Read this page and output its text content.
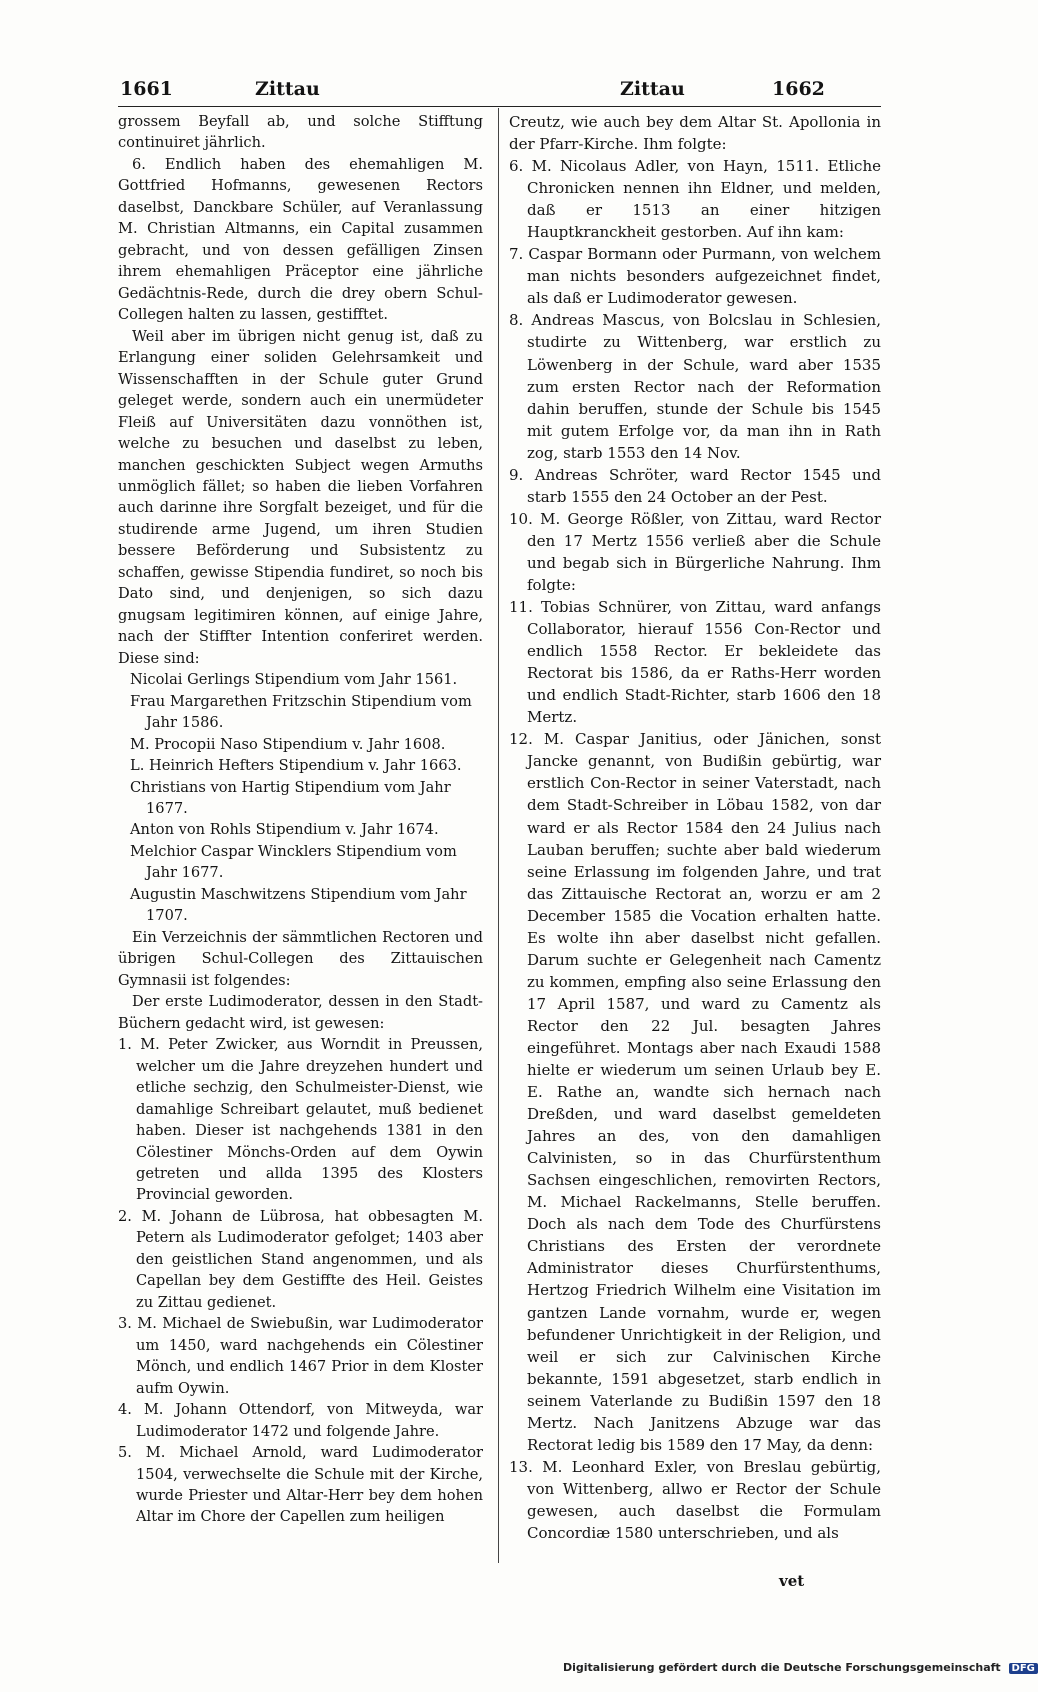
1661	Zittau	Zittau	1662

grossem Beyfall ab, und solche Stifftung continuiret jährlich.

6. Endlich haben des ehemahligen M. Gottfried Hofmanns, gewesenen Rectors daselbst, Danckbare Schüler, auf Veranlassung M. Christian Altmanns, ein Capital zusammen gebracht, und von dessen gefälligen Zinsen ihrem ehemahligen Präceptor eine jährliche Gedächtnis-Rede, durch die drey obern Schul-Collegen halten zu lassen, gestifftet.

Weil aber im übrigen nicht genug ist, daß zu Erlangung einer soliden Gelehrsamkeit und Wissenschafften in der Schule guter Grund geleget werde, sondern auch ein unermüdeter Fleiß auf Universitäten dazu vonnöthen ist, welche zu besuchen und daselbst zu leben, manchen geschickten Subject wegen Armuths unmöglich fället; so haben die lieben Vorfahren auch darinne ihre Sorgfalt bezeiget, und für die studirende arme Jugend, um ihren Studien bessere Beförderung und Subsistentz zu schaffen, gewisse Stipendia fundiret, so noch bis Dato sind, und denjenigen, so sich dazu gnugsam legitimiren können, auf einige Jahre, nach der Stiffter Intention conferiret werden. Diese sind:

Nicolai Gerlings Stipendium vom Jahr 1561.

Frau Margarethen Fritzschin Stipendium vom Jahr 1586.

M. Procopii Naso Stipendium v. Jahr 1608.

L. Heinrich Hefters Stipendium v. Jahr 1663.

Christians von Hartig Stipendium vom Jahr 1677.

Anton von Rohls Stipendium v. Jahr 1674.

Melchior Caspar Wincklers Stipendium vom Jahr 1677.

Augustin Maschwitzens Stipendium vom Jahr 1707.

Ein Verzeichnis der sämmtlichen Rectoren und übrigen Schul-Collegen des Zittauischen Gymnasii ist folgendes:

Der erste Ludimoderator, dessen in den Stadt-Büchern gedacht wird, ist gewesen:

1. M. Peter Zwicker, aus Worndit in Preussen, welcher um die Jahre dreyzehen hundert und etliche sechzig, den Schulmeister-Dienst, wie damahlige Schreibart gelautet, muß bedienet haben. Dieser ist nachgehends 1381 in den Cölestiner Mönchs-Orden auf dem Oywin getreten und allda 1395 des Klosters Provincial geworden.

2. M. Johann de Lübrosa, hat obbesagten M. Petern als Ludimoderator gefolget; 1403 aber den geistlichen Stand angenommen, und als Capellan bey dem Gestiffte des Heil. Geistes zu Zittau gedienet.

3. M. Michael de Swiebußin, war Ludimoderator um 1450, ward nachgehends ein Cölestiner Mönch, und endlich 1467 Prior in dem Kloster aufm Oywin.

4. M. Johann Ottendorf, von Mitweyda, war Ludimoderator 1472 und folgende Jahre.

5. M. Michael Arnold, ward Ludimoderator 1504, verwechselte die Schule mit der Kirche, wurde Priester und Altar-Herr bey dem hohen Altar im Chore der Capellen zum heiligen

Creutz, wie auch bey dem Altar St. Apollonia in der Pfarr-Kirche. Ihm folgte:

6. M. Nicolaus Adler, von Hayn, 1511. Etliche Chronicken nennen ihn Eldner, und melden, daß er 1513 an einer hitzigen Hauptkranckheit gestorben. Auf ihn kam:

7. Caspar Bormann oder Purmann, von welchem man nichts besonders aufgezeichnet findet, als daß er Ludimoderator gewesen.

8. Andreas Mascus, von Bolcslau in Schlesien, studirte zu Wittenberg, war erstlich zu Löwenberg in der Schule, ward aber 1535 zum ersten Rector nach der Reformation dahin beruffen, stunde der Schule bis 1545 mit gutem Erfolge vor, da man ihn in Rath zog, starb 1553 den 14 Nov.

9. Andreas Schröter, ward Rector 1545 und starb 1555 den 24 October an der Pest.

10. M. George Rößler, von Zittau, ward Rector den 17 Mertz 1556 verließ aber die Schule und begab sich in Bürgerliche Nahrung. Ihm folgte:

11. Tobias Schnürer, von Zittau, ward anfangs Collaborator, hierauf 1556 Con-Rector und endlich 1558 Rector. Er bekleidete das Rectorat bis 1586, da er Raths-Herr worden und endlich Stadt-Richter, starb 1606 den 18 Mertz.

12. M. Caspar Janitius, oder Jänichen, sonst Jancke genannt, von Budißin gebürtig, war erstlich Con-Rector in seiner Vaterstadt, nach dem Stadt-Schreiber in Löbau 1582, von dar ward er als Rector 1584 den 24 Julius nach Lauban beruffen; suchte aber bald wiederum seine Erlassung im folgenden Jahre, und trat das Zittauische Rectorat an, worzu er am 2 December 1585 die Vocation erhalten hatte. Es wolte ihn aber daselbst nicht gefallen. Darum suchte er Gelegenheit nach Camentz zu kommen, empfing also seine Erlassung den 17 April 1587, und ward zu Camentz als Rector den 22 Jul. besagten Jahres eingeführet. Montags aber nach Exaudi 1588 hielte er wiederum um seinen Urlaub bey E. E. Rathe an, wandte sich hernach nach Dreßden, und ward daselbst gemeldeten Jahres an des, von den damahligen Calvinisten, so in das Churfürstenthum Sachsen eingeschlichen, removirten Rectors, M. Michael Rackelmanns, Stelle beruffen. Doch als nach dem Tode des Churfürstens Christians des Ersten der verordnete Administrator dieses Churfürstenthums, Hertzog Friedrich Wilhelm eine Visitation im gantzen Lande vornahm, wurde er, wegen befundener Unrichtigkeit in der Religion, und weil er sich zur Calvinischen Kirche bekannte, 1591 abgesetzet, starb endlich in seinem Vaterlande zu Budißin 1597 den 18 Mertz. Nach Janitzens Abzuge war das Rectorat ledig bis 1589 den 17 May, da denn:

13. M. Leonhard Exler, von Breslau gebürtig, von Wittenberg, allwo er Rector der Schule gewesen, auch daselbst die Formulam Concordiæ 1580 unterschrieben, und als

vet
Digitalisierung gefördert durch die Deutsche Forschungsgemeinschaft DFG
